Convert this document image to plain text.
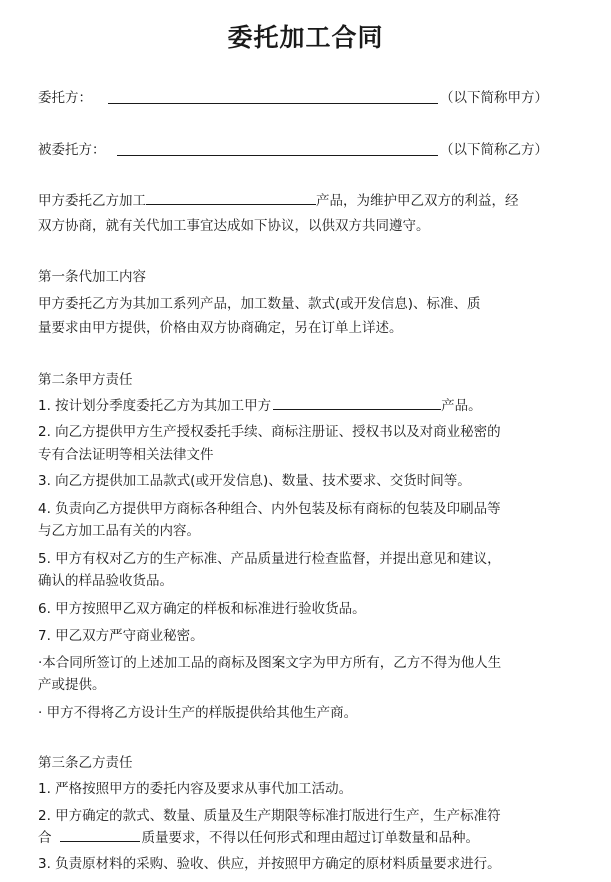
委托加工合同
委托方：	（以下简称甲方）
被委托方：	（以下简称乙方）
甲方委托乙方加工	产品，为维护甲乙双方的利益，经
双方协商，就有关代加工事宜达成如下协议，以供双方共同遵守。
第一条代加工内容
甲方委托乙方为其加工系列产品，加工数量、款式(或开发信息)、标准、质
量要求由甲方提供，价格由双方协商确定，另在订单上详述。
第二条甲方责任
1. 按计划分季度委托乙方为其加工甲方	产品。
2. 向乙方提供甲方生产授权委托手续、商标注册证、授权书以及对商业秘密的
专有合法证明等相关法律文件
3. 向乙方提供加工品款式(或开发信息)、数量、技术要求、交货时间等。
4. 负责向乙方提供甲方商标各种组合、内外包装及标有商标的包装及印刷品等
与乙方加工品有关的内容。
5. 甲方有权对乙方的生产标准、产品质量进行检查监督，并提出意见和建议，
确认的样品验收货品。
6. 甲方按照甲乙双方确定的样板和标准进行验收货品。
7. 甲乙双方严守商业秘密。
·本合同所签订的上述加工品的商标及图案文字为甲方所有，乙方不得为他人生
产或提供。
· 甲方不得将乙方设计生产的样版提供给其他生产商。
第三条乙方责任
1. 严格按照甲方的委托内容及要求从事代加工活动。
2. 甲方确定的款式、数量、质量及生产期限等标准打版进行生产，生产标准符
合	质量要求，不得以任何形式和理由超过订单数量和品种。
3. 负责原材料的采购、验收、供应，并按照甲方确定的原材料质量要求进行。
